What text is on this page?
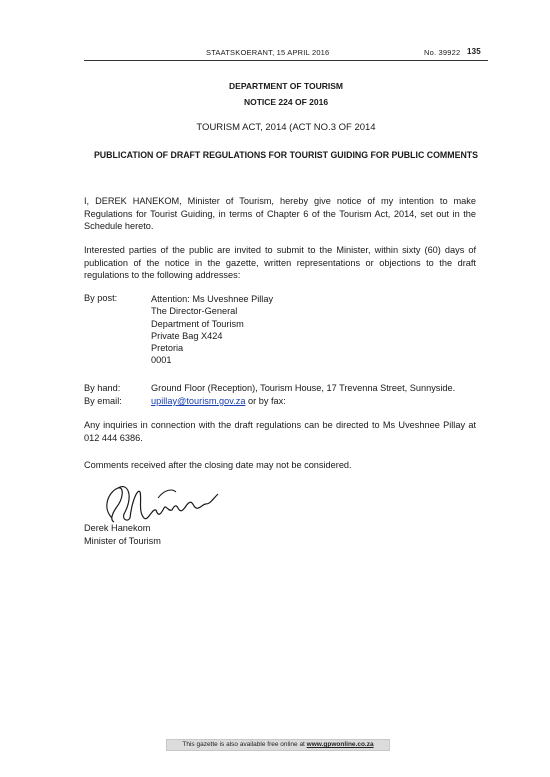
STAATSKOERANT, 15 APRIL 2016	No. 39922 135
DEPARTMENT OF TOURISM
NOTICE 224 OF 2016
TOURISM ACT, 2014 (ACT NO.3 OF 2014
PUBLICATION OF DRAFT REGULATIONS FOR TOURIST GUIDING FOR PUBLIC COMMENTS
I, DEREK HANEKOM, Minister of Tourism, hereby give notice of my intention to make Regulations for Tourist Guiding, in terms of Chapter 6 of the Tourism Act, 2014, set out in the Schedule hereto.
Interested parties of the public are invited to submit to the Minister, within sixty (60) days of publication of the notice in the gazette, written representations or objections to the draft regulations to the following addresses:
By post:	Attention: Ms Uveshnee Pillay
The Director-General
Department of Tourism
Private Bag X424
Pretoria
0001
By hand:	Ground Floor (Reception), Tourism House, 17 Trevenna Street, Sunnyside.
By email:	upillay@tourism.gov.za or by fax:
Any inquiries in connection with the draft regulations can be directed to Ms Uveshnee Pillay at 012 444 6386.
Comments received after the closing date may not be considered.
Derek Hanekom
Minister of Tourism
This gazette is also available free online at www.gpwonline.co.za
